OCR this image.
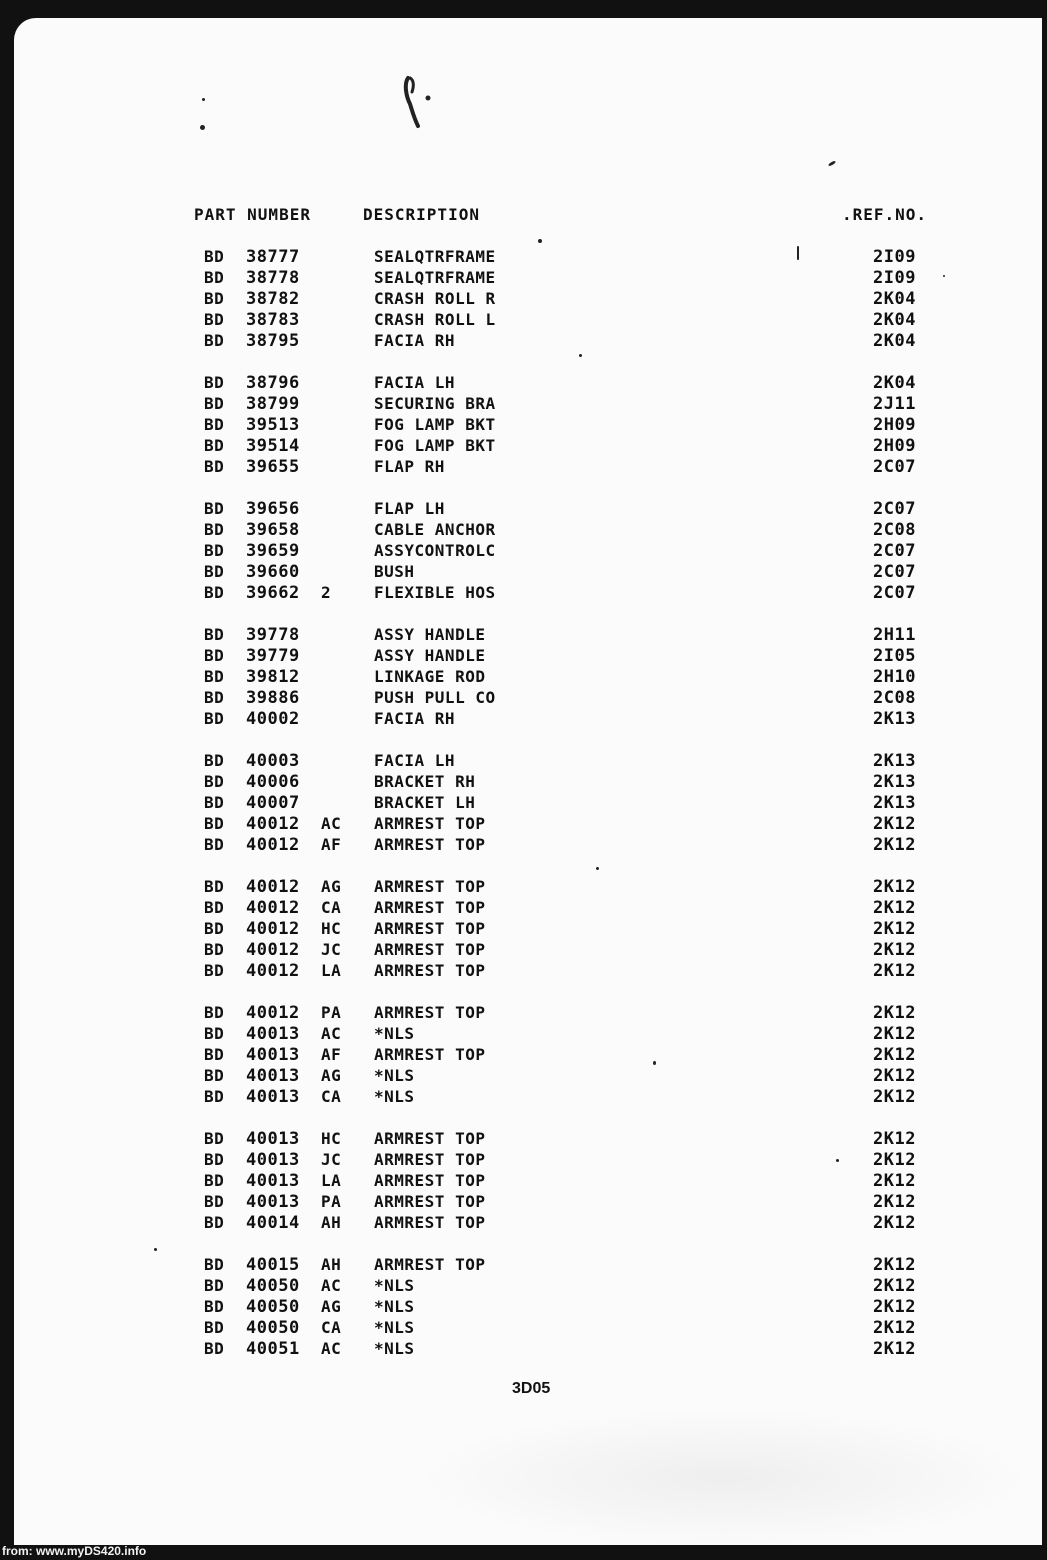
PART NUMBER	DESCRIPTION	.REF.NO.
BD 38777	SEALQTRFRAME	2I09
BD 38778	SEALQTRFRAME	2I09
BD 38782	CRASH ROLL R	2K04
BD 38783	CRASH ROLL L	2K04
BD 38795	FACIA RH	2K04
BD 38796	FACIA LH	2K04
BD 38799	SECURING BRA	2J11
BD 39513	FOG LAMP BKT	2H09
BD 39514	FOG LAMP BKT	2H09
BD 39655	FLAP RH	2C07
BD 39656	FLAP LH	2C07
BD 39658	CABLE ANCHOR	2C08
BD 39659	ASSYCONTROLC	2C07
BD 39660	BUSH	2C07
BD 39662 2	FLEXIBLE HOS	2C07
BD 39778	ASSY HANDLE	2H11
BD 39779	ASSY HANDLE	2I05
BD 39812	LINKAGE ROD	2H10
BD 39886	PUSH PULL CO	2C08
BD 40002	FACIA RH	2K13
BD 40003	FACIA LH	2K13
BD 40006	BRACKET RH	2K13
BD 40007	BRACKET LH	2K13
BD 40012 AC ARMREST TOP	2K12
BD 40012 AF ARMREST TOP	2K12
BD 40012 AG ARMREST TOP	2K12
BD 40012 CA ARMREST TOP	2K12
BD 40012 HC ARMREST TOP	2K12
BD 40012 JC ARMREST TOP	2K12
BD 40012 LA ARMREST TOP	2K12
BD 40012 PA ARMREST TOP	2K12
BD 40013 AC *NLS	2K12
BD 40013 AF ARMREST TOP	2K12
BD 40013 AG *NLS	2K12
BD 40013 CA *NLS	2K12
BD 40013 HC ARMREST TOP	2K12
BD 40013 JC ARMREST TOP	2K12
BD 40013 LA ARMREST TOP	2K12
BD 40013 PA ARMREST TOP	2K12
BD 40014 AH ARMREST TOP	2K12
BD 40015 AH ARMREST TOP	2K12
BD 40050 AC *NLS	2K12
BD 40050 AG *NLS	2K12
BD 40050 CA *NLS	2K12
BD 40051 AC *NLS	2K12
3D05
from: www.myDS420.info
